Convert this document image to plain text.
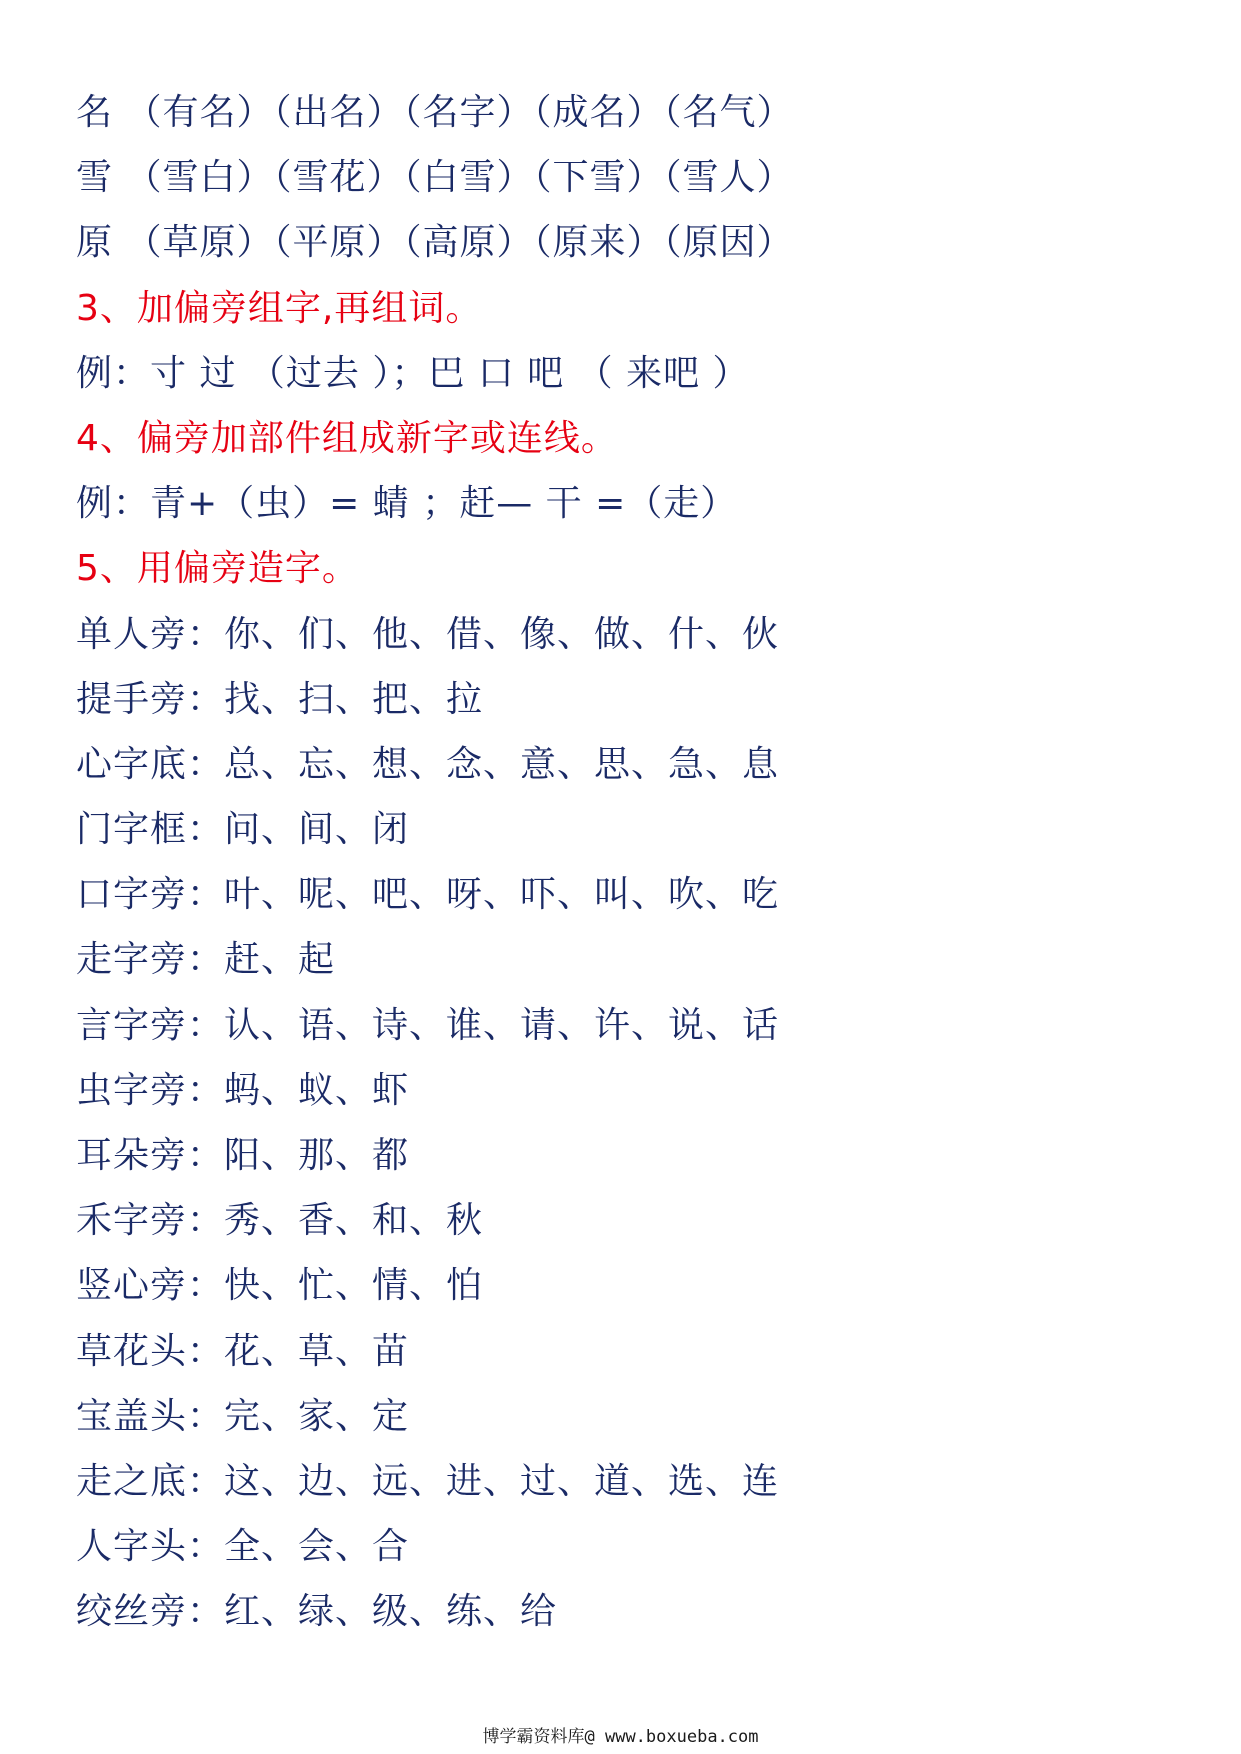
名 （有名）（出名）（名字）（成名）（名气）
雪 （雪白）（雪花）（白雪）（下雪）（雪人）
原 （草原）（平原）（高原）（原来）（原因）
3、加偏旁组字,再组词。
例：寸 过 （过去 ）；巴 口 吧 （ 来吧 ）
4、偏旁加部件组成新字或连线。
例：青+（虫）= 蜻 ；赶— 干 =（走）
5、用偏旁造字。
单人旁：你、们、他、借、像、做、什、伙
提手旁：找、扫、把、拉
心字底：总、忘、想、念、意、思、急、息
门字框：问、间、闭
口字旁：叶、呢、吧、呀、吓、叫、吹、吃
走字旁：赶、起
言字旁：认、语、诗、谁、请、许、说、话
虫字旁：蚂、蚁、虾
耳朵旁：阳、那、都
禾字旁：秀、香、和、秋
竖心旁：快、忙、情、怕
草花头：花、草、苗
宝盖头：完、家、定
走之底：这、边、远、进、过、道、选、连
人字头：全、会、合
绞丝旁：红、绿、级、练、给
博学霸资料库@ www.boxueba.com
